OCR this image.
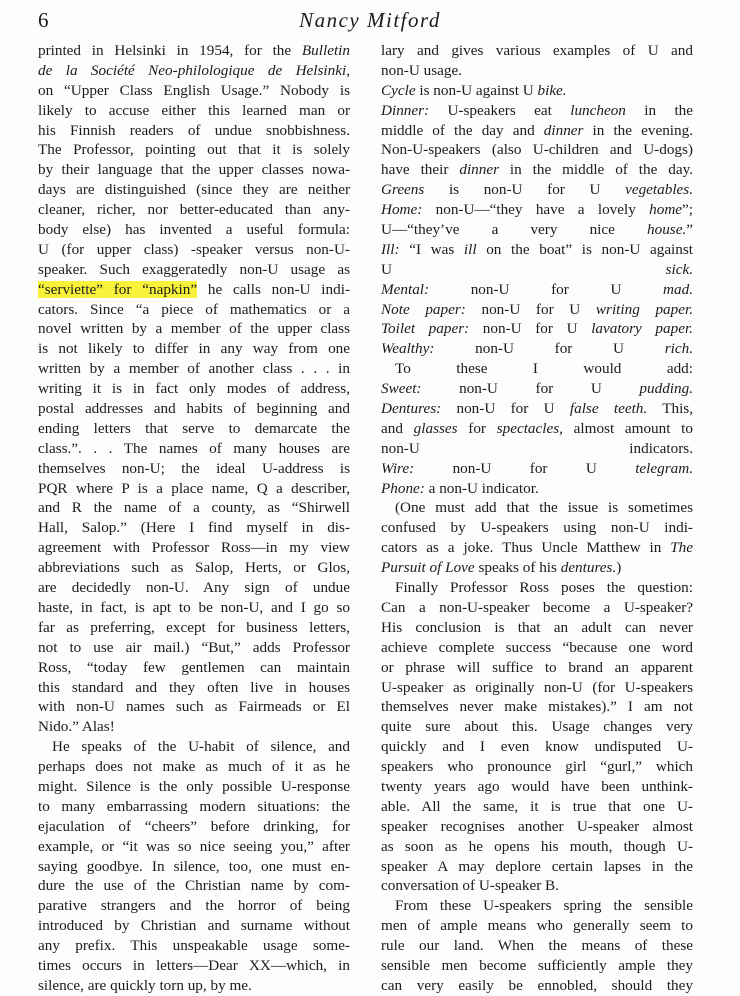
6	Nancy Mitford
printed in Helsinki in 1954, for the Bulletin
de la Société Neo-philologique de Helsinki,
on “Upper Class English Usage.” Nobody is
likely to accuse either this learned man or
his Finnish readers of undue snobbishness.
The Professor, pointing out that it is solely
by their language that the upper classes nowa-
days are distinguished (since they are neither
cleaner, richer, nor better-educated than any-
body else) has invented a useful formula:
U (for upper class) -speaker versus non-U-
speaker. Such exaggeratedly non-U usage as
“serviette” for “napkin” he calls non-U indi-
cators. Since “a piece of mathematics or a
novel written by a member of the upper class
is not likely to differ in any way from one
written by a member of another class . . . in
writing it is in fact only modes of address,
postal addresses and habits of beginning and
ending letters that serve to demarcate the
class.”. . . The names of many houses are
themselves non-U; the ideal U-address is
PQR where P is a place name, Q a describer,
and R the name of a county, as “Shirwell
Hall, Salop.” (Here I find myself in dis-
agreement with Professor Ross—in my view
abbreviations such as Salop, Herts, or Glos,
are decidedly non-U. Any sign of undue
haste, in fact, is apt to be non-U, and I go so
far as preferring, except for business letters,
not to use air mail.) “But,” adds Professor
Ross, “today few gentlemen can maintain
this standard and they often live in houses
with non-U names such as Fairmeads or El
Nido.” Alas!
He speaks of the U-habit of silence, and
perhaps does not make as much of it as he
might. Silence is the only possible U-response
to many embarrassing modern situations: the
ejaculation of “cheers” before drinking, for
example, or “it was so nice seeing you,” after
saying goodbye. In silence, too, one must en-
dure the use of the Christian name by com-
parative strangers and the horror of being
introduced by Christian and surname without
any prefix. This unspeakable usage some-
times occurs in letters—Dear XX—which, in
silence, are quickly torn up, by me.
lary and gives various examples of U and
non-U usage.
Cycle is non-U against U bike.
Dinner: U-speakers eat luncheon in the
middle of the day and dinner in the evening.
Non-U-speakers (also U-children and U-dogs)
have their dinner in the middle of the day.
Greens is non-U for U vegetables.
Home: non-U—“they have a lovely home”;
U—“they’ve a very nice house.”
Ill: “I was ill on the boat” is non-U against
U sick.
Mental: non-U for U mad.
Note paper: non-U for U writing paper.
Toilet paper: non-U for U lavatory paper.
Wealthy: non-U for U rich.
To these I would add:
Sweet: non-U for U pudding.
Dentures: non-U for U false teeth. This,
and glasses for spectacles, almost amount to
non-U indicators.
Wire: non-U for U telegram.
Phone: a non-U indicator.
(One must add that the issue is sometimes
confused by U-speakers using non-U indi-
cators as a joke. Thus Uncle Matthew in The
Pursuit of Love speaks of his dentures.)
Finally Professor Ross poses the question:
Can a non-U-speaker become a U-speaker?
His conclusion is that an adult can never
achieve complete success “because one word
or phrase will suffice to brand an apparent
U-speaker as originally non-U (for U-speakers
themselves never make mistakes).” I am not
quite sure about this. Usage changes very
quickly and I even know undisputed U-
speakers who pronounce girl “gurl,” which
twenty years ago would have been unthink-
able. All the same, it is true that one U-
speaker recognises another U-speaker almost
as soon as he opens his mouth, though U-
speaker A may deplore certain lapses in the
conversation of U-speaker B.
From these U-speakers spring the sensible
men of ample means who generally seem to
rule our land. When the means of these
sensible men become sufficiently ample they
can very easily be ennobled, should they
